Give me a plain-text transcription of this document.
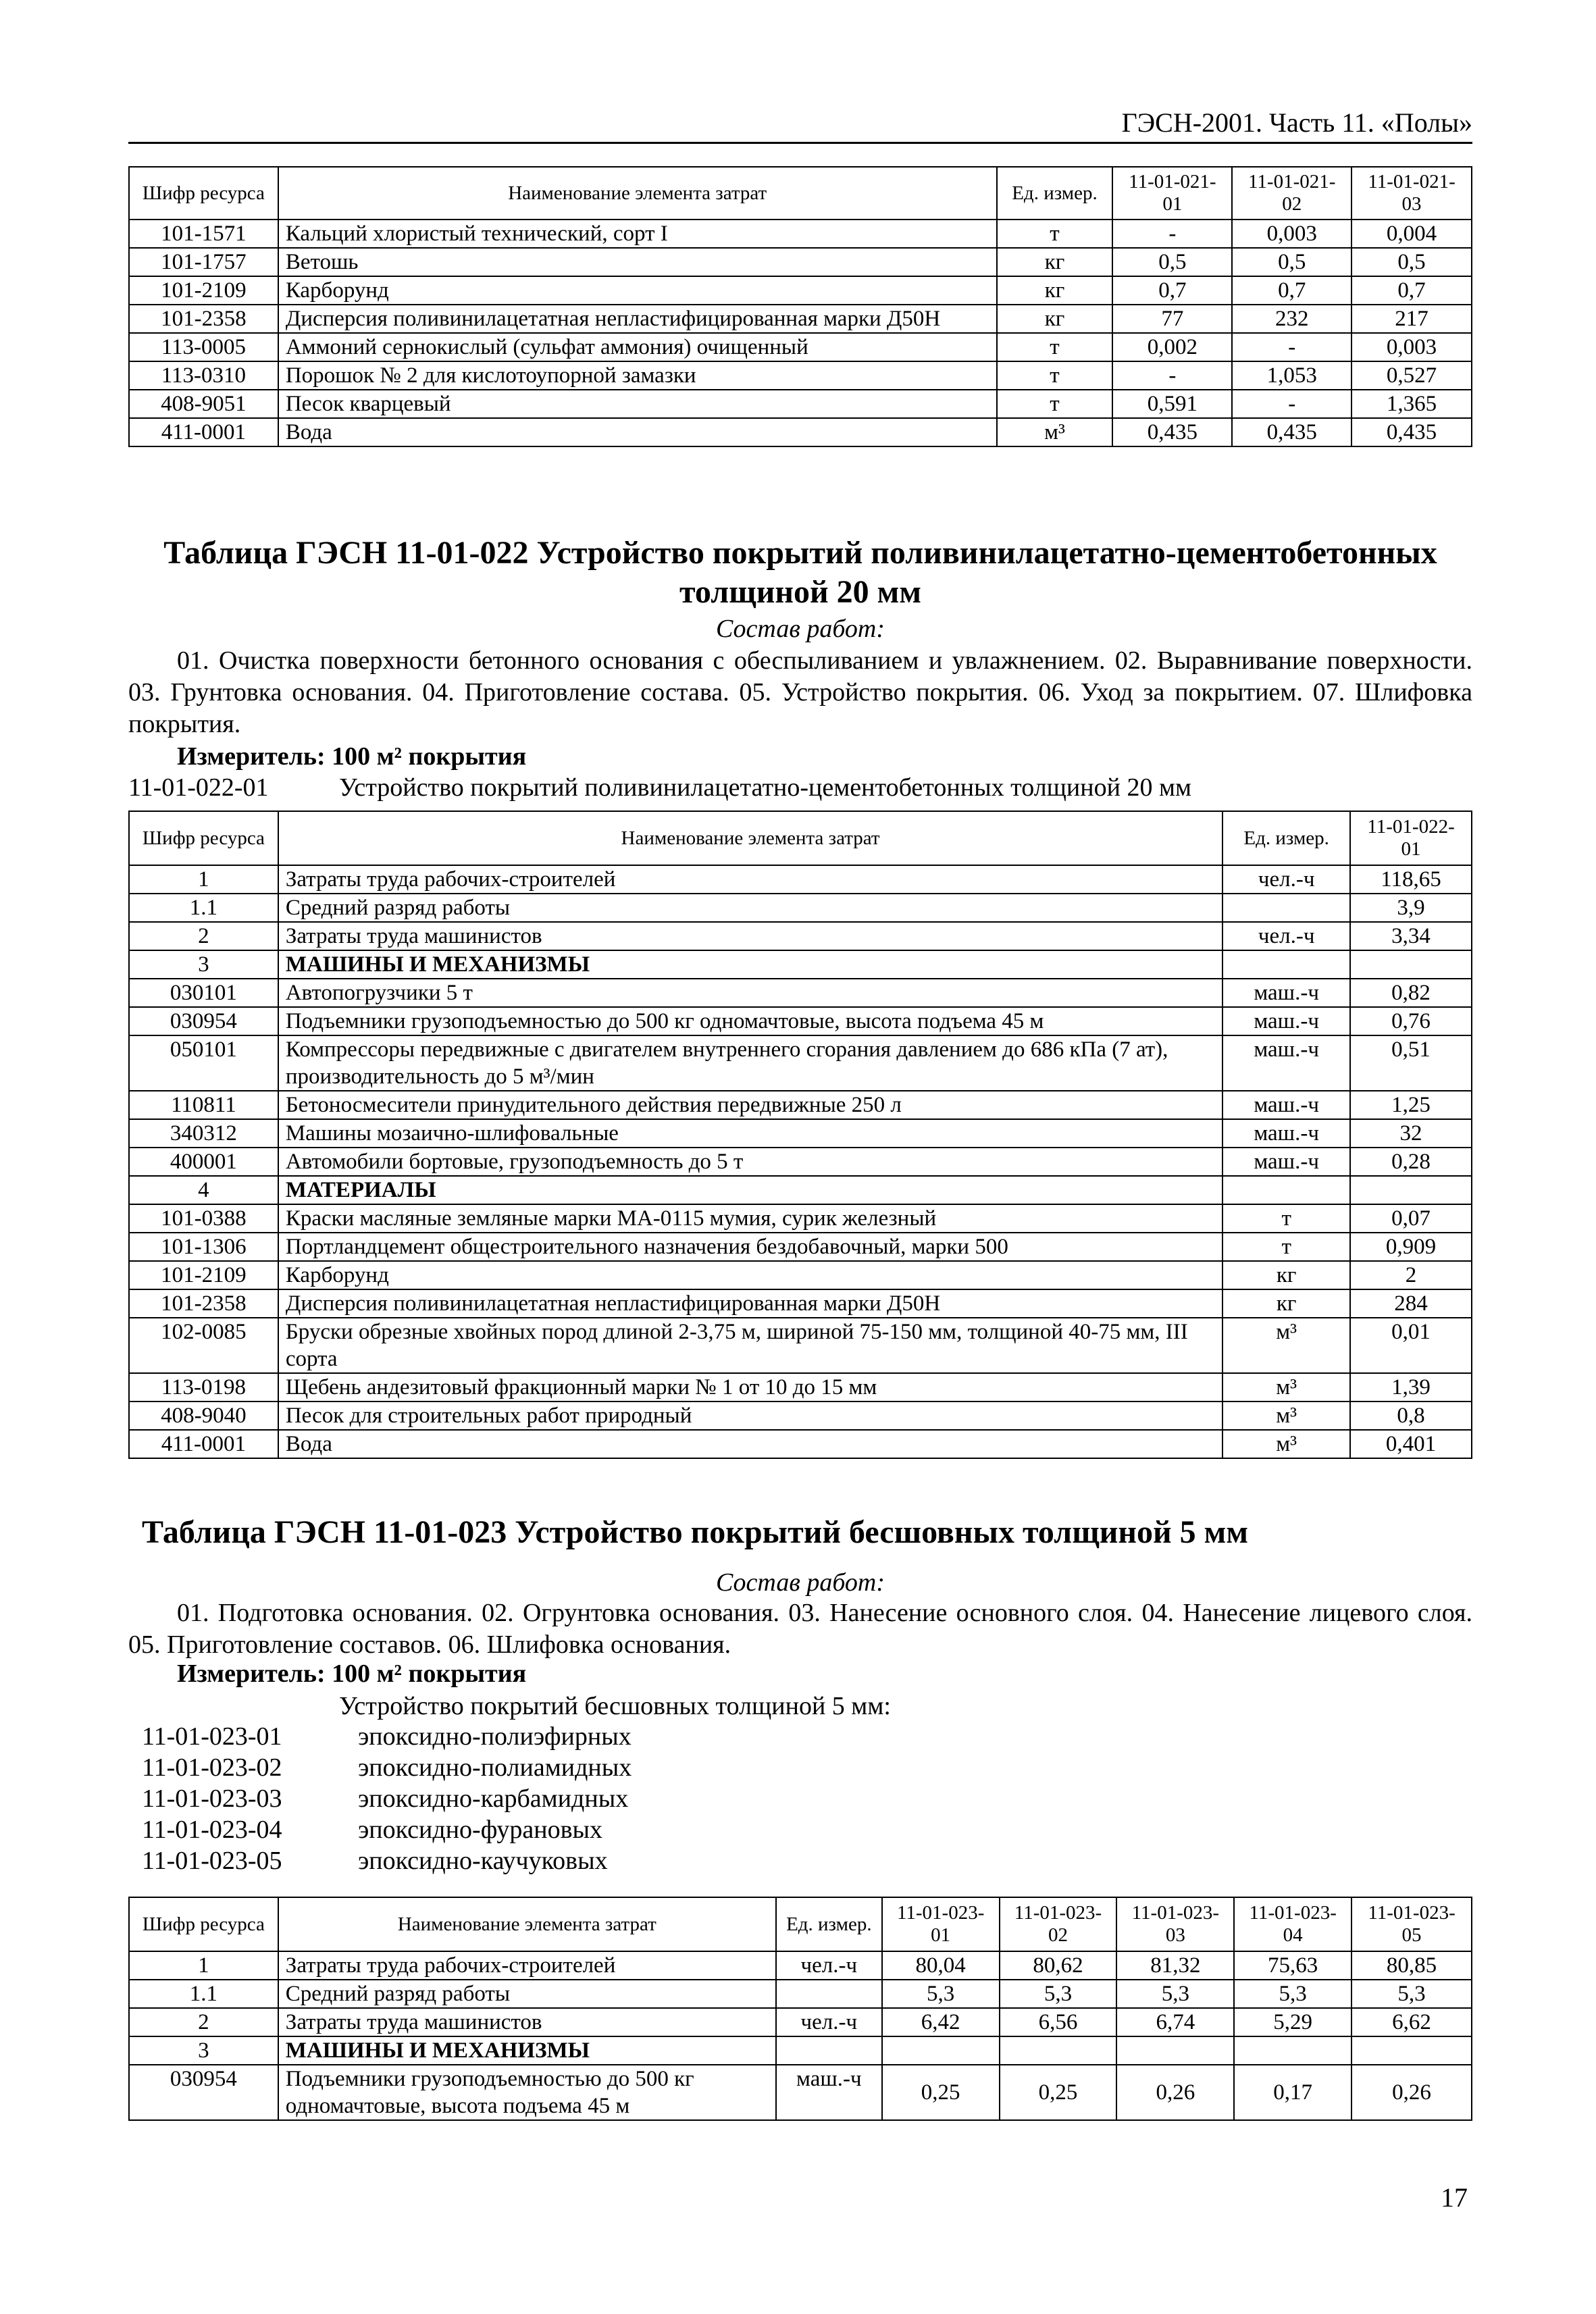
ГЭСН-2001. Часть 11. «Полы»
Шифр ресурса	Наименование элемента затрат	Ед. измер.	11-01-021-01	11-01-021-02	11-01-021-03
101-1571	Кальций хлористый технический, сорт I	т	-	0,003	0,004
101-1757	Ветошь	кг	0,5	0,5	0,5
101-2109	Карборунд	кг	0,7	0,7	0,7
101-2358	Дисперсия поливинилацетатная непластифицированная марки Д50Н	кг	77	232	217
113-0005	Аммоний сернокислый (сульфат аммония) очищенный	т	0,002	-	0,003
113-0310	Порошок № 2 для кислотоупорной замазки	т	-	1,053	0,527
408-9051	Песок кварцевый	т	0,591	-	1,365
411-0001	Вода	м³	0,435	0,435	0,435
Таблица ГЭСН 11-01-022 Устройство покрытий поливинилацетатно-цементобетонных толщиной 20 мм
Состав работ:
01. Очистка поверхности бетонного основания с обеспыливанием и увлажнением. 02. Выравнивание поверхности. 03. Грунтовка основания. 04. Приготовление состава. 05. Устройство покрытия. 06. Уход за покрытием. 07. Шлифовка покрытия.
Измеритель: 100 м² покрытия
11-01-022-01	Устройство покрытий поливинилацетатно-цементобетонных толщиной 20 мм
Шифр ресурса	Наименование элемента затрат	Ед. измер.	11-01-022-01
1	Затраты труда рабочих-строителей	чел.-ч	118,65
1.1	Средний разряд работы		3,9
2	Затраты труда машинистов	чел.-ч	3,34
3	МАШИНЫ И МЕХАНИЗМЫ		
030101	Автопогрузчики 5 т	маш.-ч	0,82
030954	Подъемники грузоподъемностью до 500 кг одномачтовые, высота подъема 45 м	маш.-ч	0,76
050101	Компрессоры передвижные с двигателем внутреннего сгорания давлением до 686 кПа (7 ат), производительность до 5 м³/мин	маш.-ч	0,51
110811	Бетоносмесители принудительного действия передвижные 250 л	маш.-ч	1,25
340312	Машины мозаично-шлифовальные	маш.-ч	32
400001	Автомобили бортовые, грузоподъемность до 5 т	маш.-ч	0,28
4	МАТЕРИАЛЫ		
101-0388	Краски масляные земляные марки МА-0115 мумия, сурик железный	т	0,07
101-1306	Портландцемент общестроительного назначения бездобавочный, марки 500	т	0,909
101-2109	Карборунд	кг	2
101-2358	Дисперсия поливинилацетатная непластифицированная марки Д50Н	кг	284
102-0085	Бруски обрезные хвойных пород длиной 2-3,75 м, шириной 75-150 мм, толщиной 40-75 мм, III сорта	м³	0,01
113-0198	Щебень андезитовый фракционный марки № 1 от 10 до 15 мм	м³	1,39
408-9040	Песок для строительных работ природный	м³	0,8
411-0001	Вода	м³	0,401
Таблица ГЭСН 11-01-023 Устройство покрытий бесшовных толщиной 5 мм
Состав работ:
01. Подготовка основания. 02. Огрунтовка основания. 03. Нанесение основного слоя. 04. Нанесение лицевого слоя. 05. Приготовление составов. 06. Шлифовка основания.
Измеритель: 100 м² покрытия
Устройство покрытий бесшовных толщиной 5 мм:
11-01-023-01	эпоксидно-полиэфирных
11-01-023-02	эпоксидно-полиамидных
11-01-023-03	эпоксидно-карбамидных
11-01-023-04	эпоксидно-фурановых
11-01-023-05	эпоксидно-каучуковых
Шифр ресурса	Наименование элемента затрат	Ед. измер.	11-01-023-01	11-01-023-02	11-01-023-03	11-01-023-04	11-01-023-05
1	Затраты труда рабочих-строителей	чел.-ч	80,04	80,62	81,32	75,63	80,85
1.1	Средний разряд работы		5,3	5,3	5,3	5,3	5,3
2	Затраты труда машинистов	чел.-ч	6,42	6,56	6,74	5,29	6,62
3	МАШИНЫ И МЕХАНИЗМЫ						
030954	Подъемники грузоподъемностью до 500 кг одномачтовые, высота подъема 45 м	маш.-ч	0,25	0,25	0,26	0,17	0,26
17
